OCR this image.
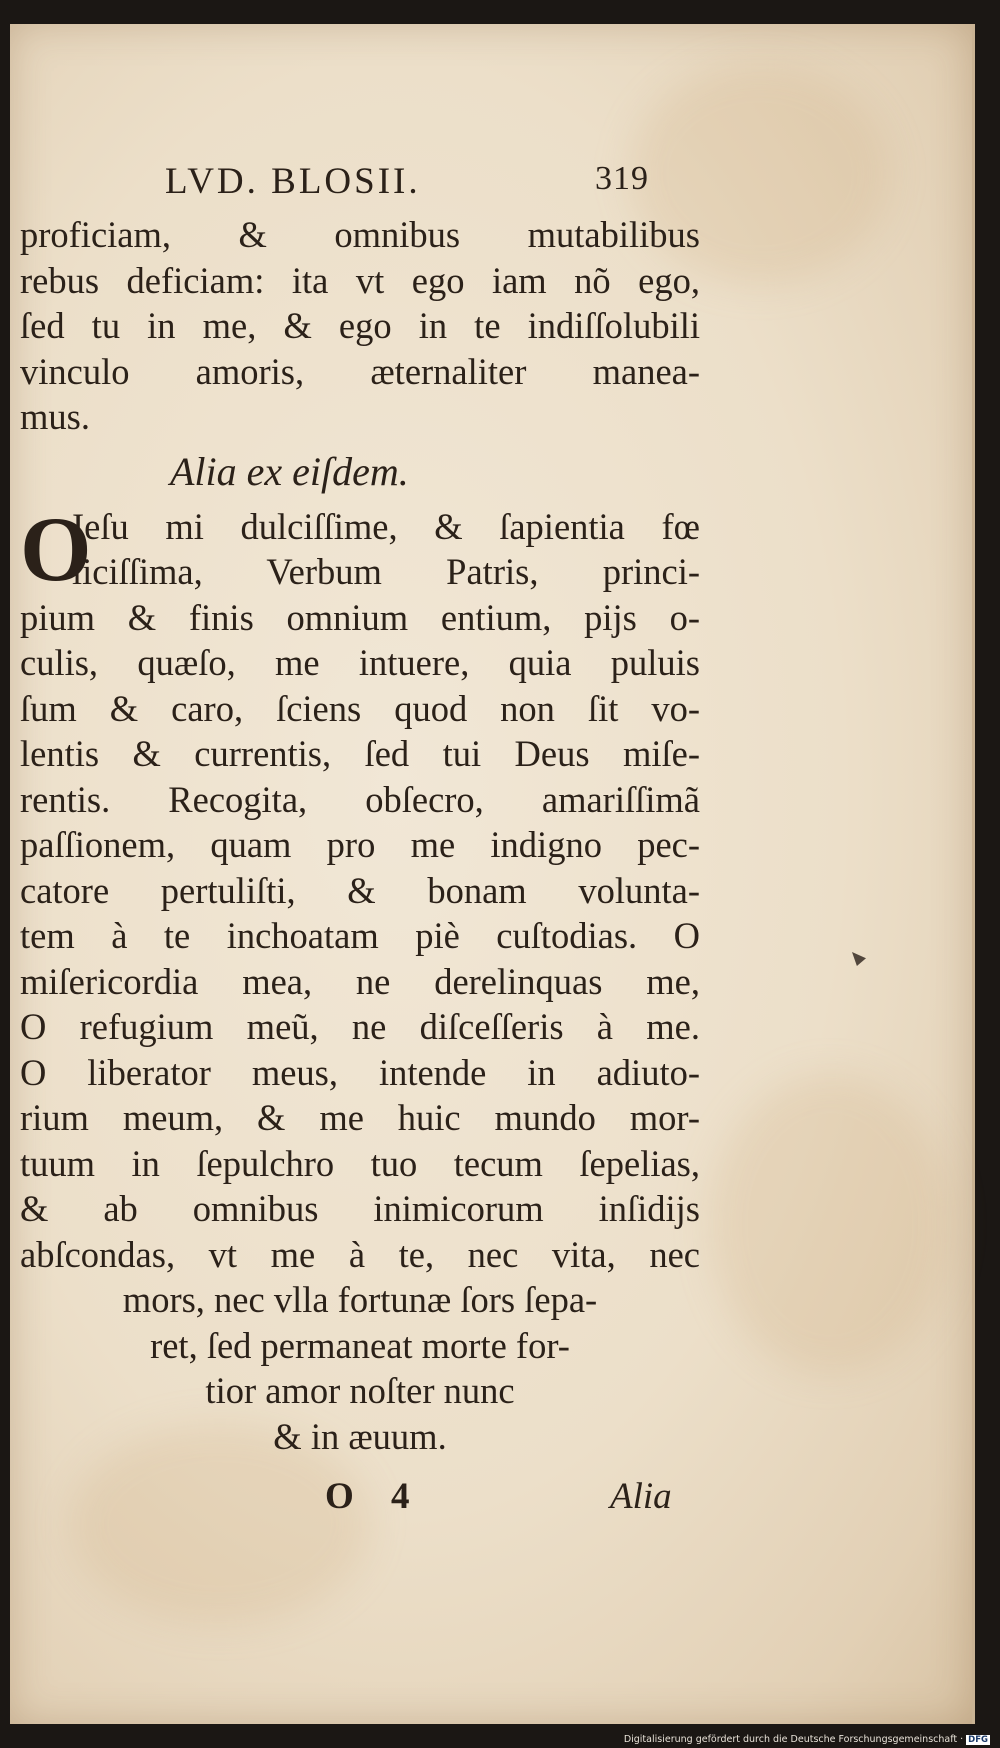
LVD. BLOSII.	319
proficiam, & omnibus mutabilibus
rebus deficiam: ita vt ego iam nõ ego,
ſed tu in me, & ego in te indiſſolubili
vinculo amoris, æternaliter manea-
mus.
Alia ex eiſdem.
O
Ieſu mi dulciſſime, & ſapientia fœ
liciſſima, Verbum Patris, princi-
pium & finis omnium entium, pijs o-
culis, quæſo, me intuere, quia puluis
ſum & caro, ſciens quod non ſit vo-
lentis & currentis, ſed tui Deus miſe-
rentis. Recogita, obſecro, amariſſimã
paſſionem, quam pro me indigno pec-
catore pertuliſti, & bonam volunta-
tem à te inchoatam piè cuſtodias. O
miſericordia mea, ne derelinquas me,
O refugium meũ, ne diſceſſeris à me.
O liberator meus, intende in adiuto-
rium meum, & me huic mundo mor-
tuum in ſepulchro tuo tecum ſepelias,
& ab omnibus inimicorum inſidijs
abſcondas, vt me à te, nec vita, nec
mors, nec vlla fortunæ ſors ſepa-
ret, ſed permaneat morte for-
tior amor noſter nunc
& in æuum.
O 4	Alia
Digitalisierung gefördert durch die Deutsche Forschungsgemeinschaft · DFG
